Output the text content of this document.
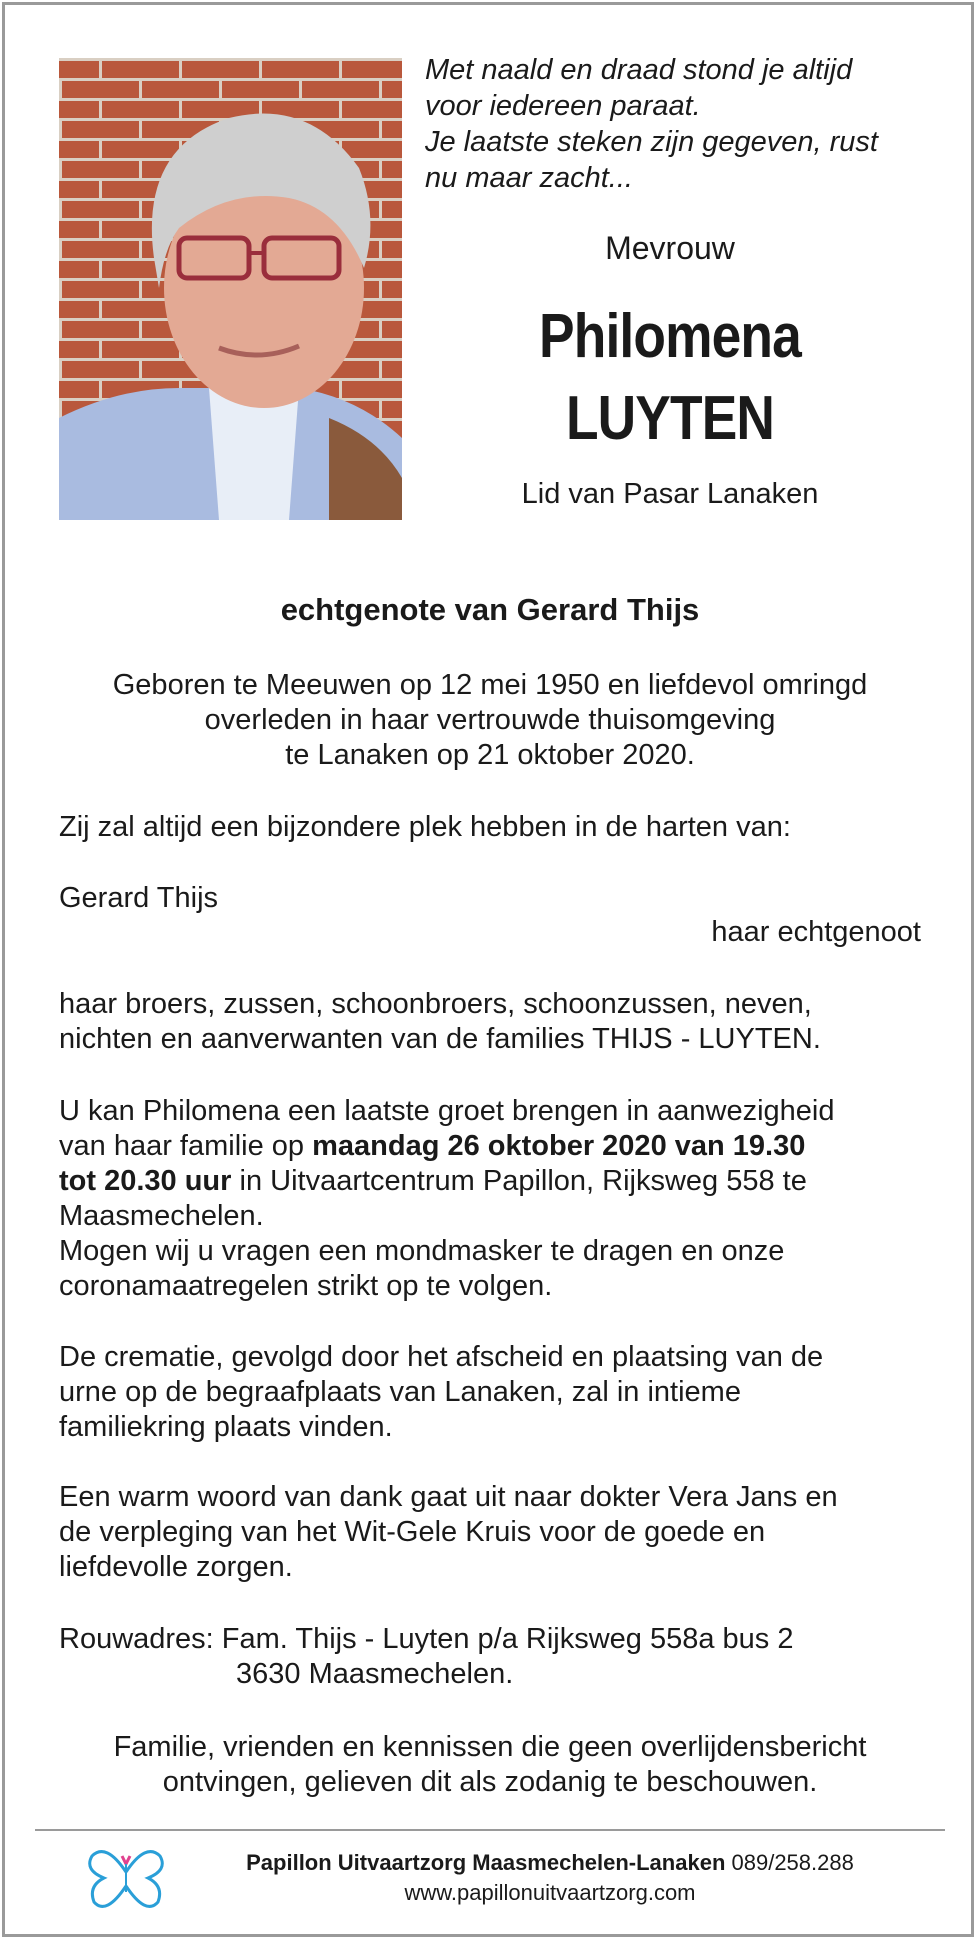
Met naald en draad stond je altijd
voor iedereen paraat.
Je laatste steken zijn gegeven, rust
nu maar zacht...
Mevrouw
Philomena
LUYTEN
Lid van Pasar Lanaken
echtgenote van Gerard Thijs
Geboren te Meeuwen op 12 mei 1950 en liefdevol omringd
overleden in haar vertrouwde thuisomgeving
te Lanaken op 21 oktober 2020.
Zij zal altijd een bijzondere plek hebben in de harten van:
Gerard Thijs
haar echtgenoot
haar broers, zussen, schoonbroers, schoonzussen, neven,
nichten en aanverwanten van de families THIJS - LUYTEN.
U kan Philomena een laatste groet brengen in aanwezigheid
van haar familie op maandag 26 oktober 2020 van 19.30
tot 20.30 uur in Uitvaartcentrum Papillon, Rijksweg 558 te
Maasmechelen.
Mogen wij u vragen een mondmasker te dragen en onze
coronamaatregelen strikt op te volgen.
De crematie, gevolgd door het afscheid en plaatsing van de
urne op de begraafplaats van Lanaken, zal in intieme
familiekring plaats vinden.
Een warm woord van dank gaat uit naar dokter Vera Jans en
de verpleging van het Wit-Gele Kruis voor de goede en
liefdevolle zorgen.
Rouwadres: Fam. Thijs - Luyten p/a Rijksweg 558a bus 2
3630 Maasmechelen.
Familie, vrienden en kennissen die geen overlijdensbericht
ontvingen, gelieven dit als zodanig te beschouwen.
Papillon Uitvaartzorg Maasmechelen-Lanaken 089/258.288
www.papillonuitvaartzorg.com
